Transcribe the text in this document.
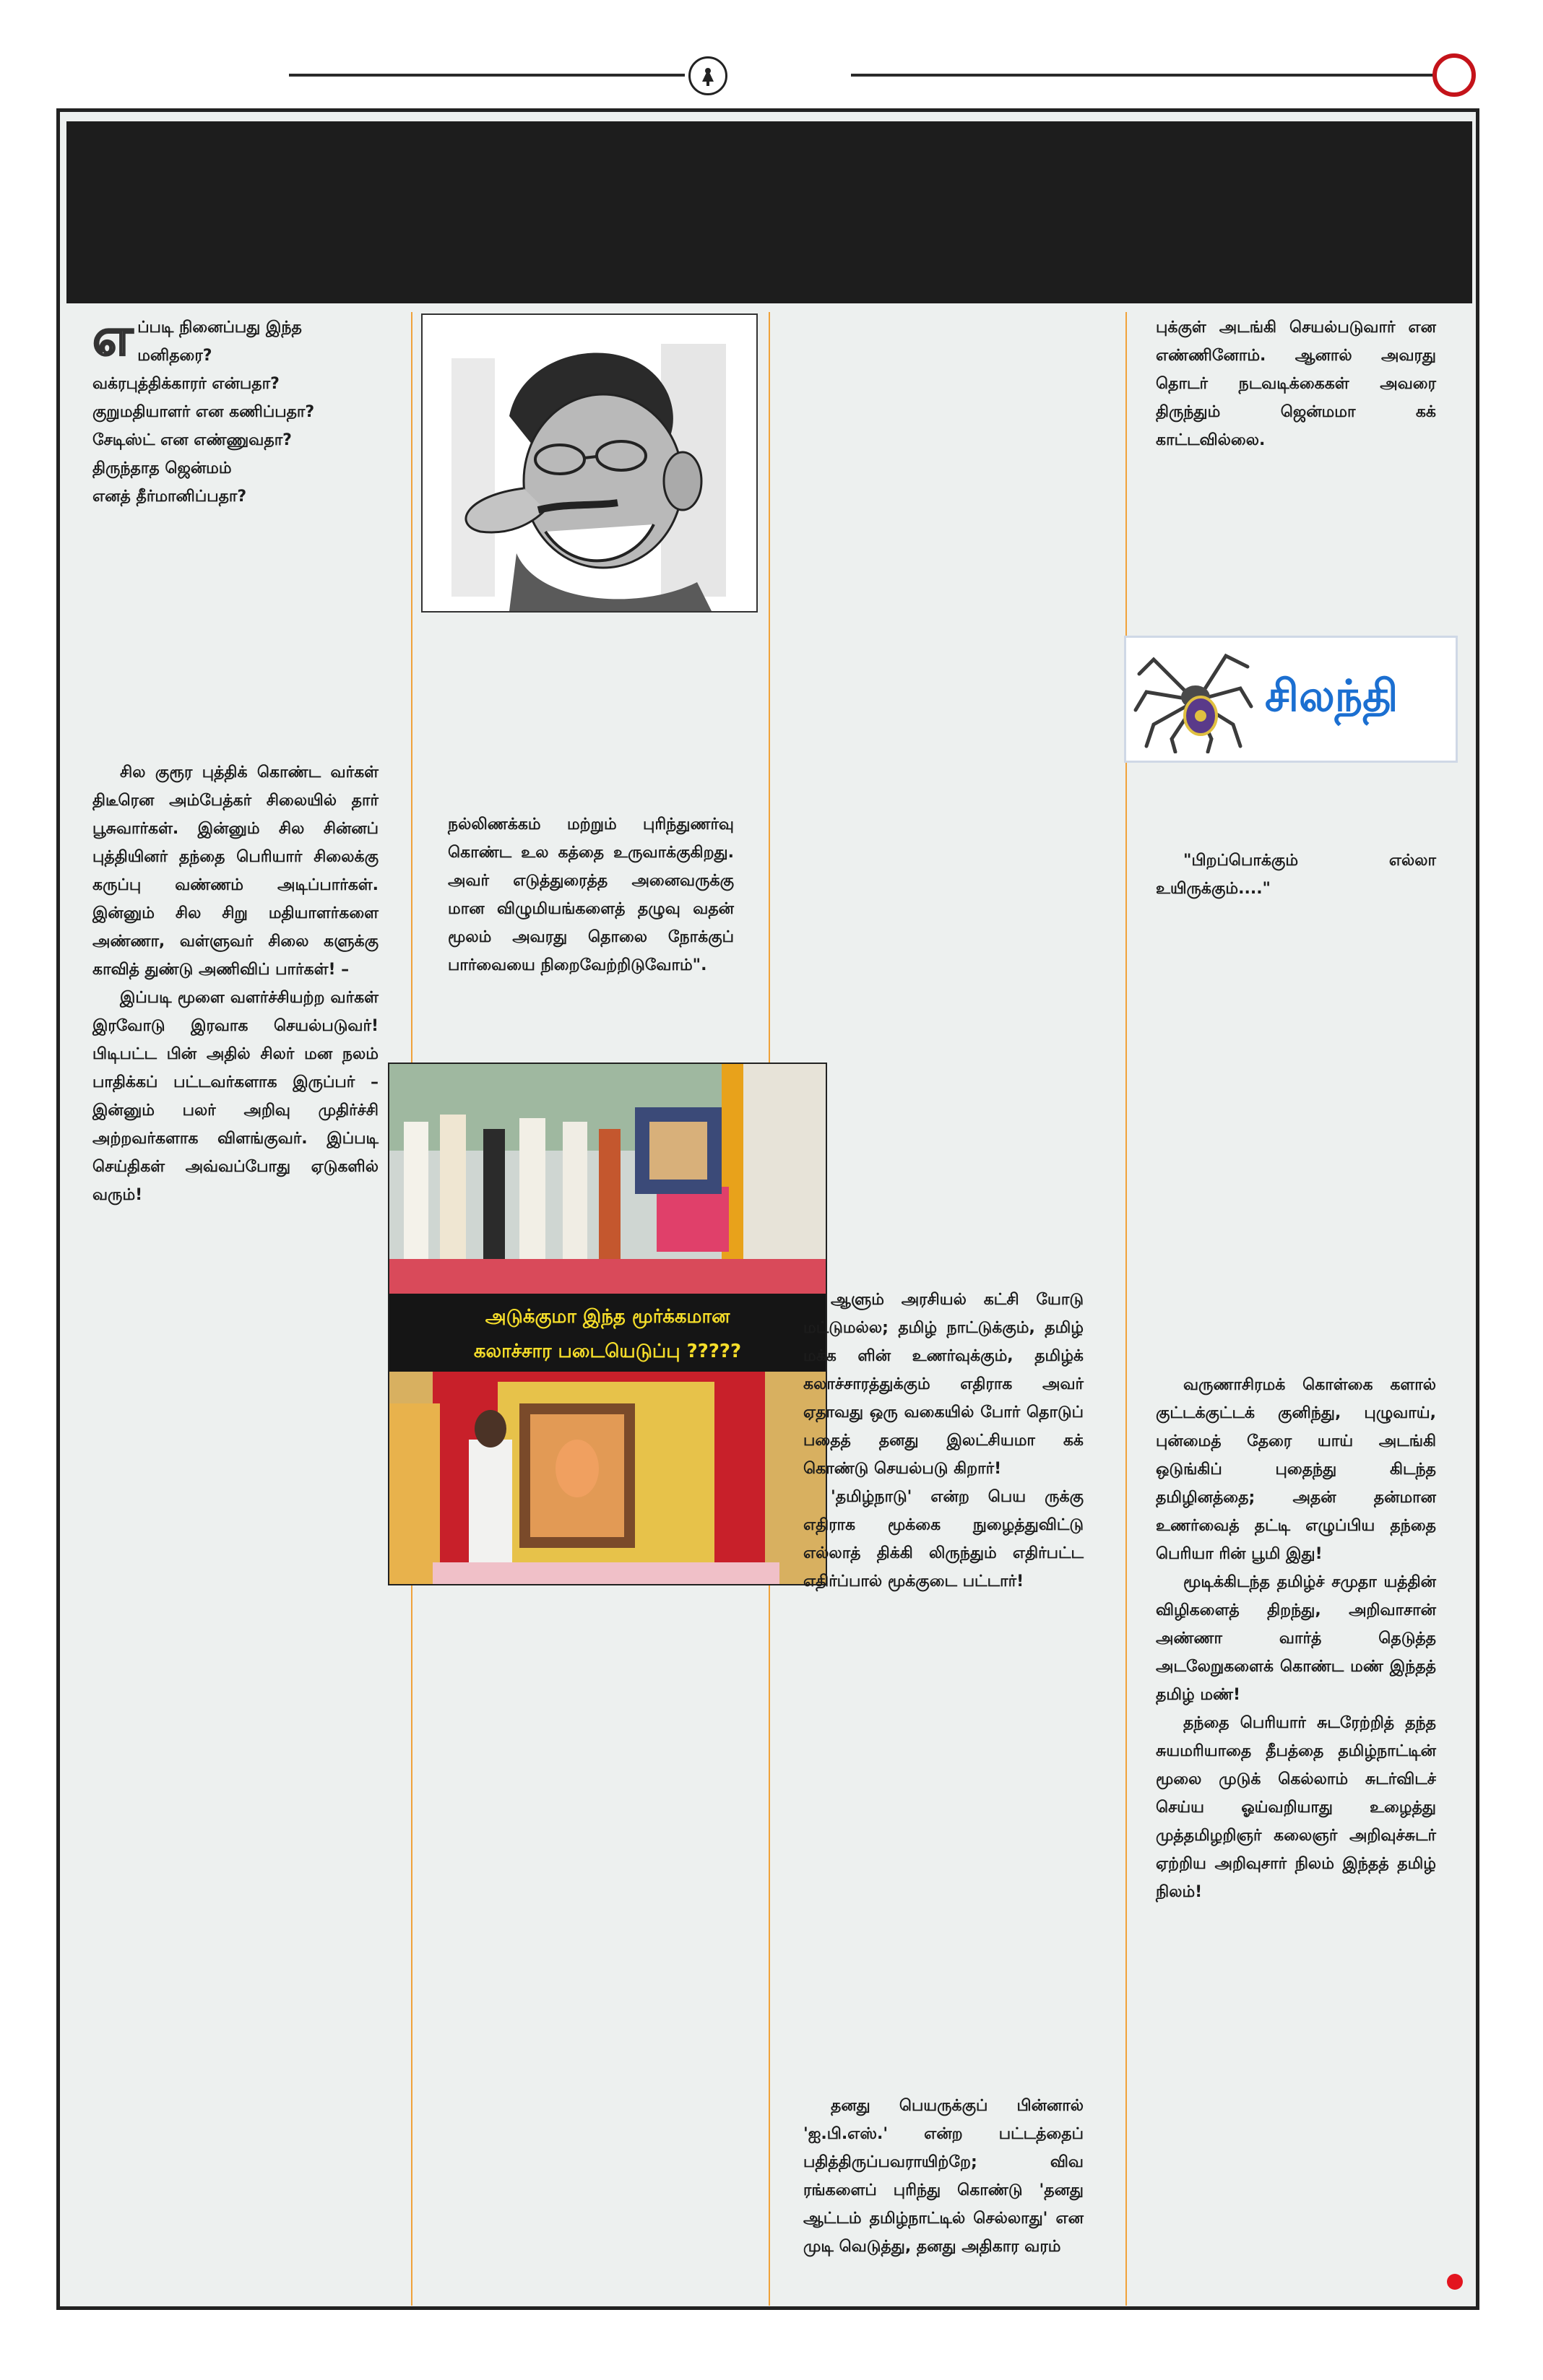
எ ப்படி நினைப்பது இந்த

மனிதரை?

வக்ரபுத்திக்காரர் என்பதா?

குறுமதியாளர் என கணிப்பதா?

சேடிஸ்ட் என எண்ணுவதா?

திருந்தாத ஜென்மம்

எனத் தீர்மானிப்பதா?

சில குரூர புத்திக் கொண்ட வர்கள் திடீரென அம்பேத்கர் சிலையில் தார் பூசுவார்கள். இன்னும் சில சின்னப் புத்தியினர் தந்தை பெரியார் சிலைக்கு கருப்பு வண்ணம் அடிப்பார்கள். இன்னும் சில சிறு மதியாளர்களை அண்ணா, வள்ளுவர் சிலை களுக்கு காவித் துண்டு அணிவிப் பார்கள்! –

இப்படி மூளை வளர்ச்சியற்ற வர்கள் இரவோடு இரவாக செயல்படுவர்! பிடிபட்ட பின் அதில் சிலர் மன நலம் பாதிக்கப் பட்டவர்களாக இருப்பர் – இன்னும் பலர் அறிவு முதிர்ச்சி அற்றவர்களாக விளங்குவர். இப்படி செய்திகள் அவ்வப்போது ஏடுகளில் வரும்!

நல்லிணக்கம் மற்றும் புரிந்துணர்வு கொண்ட உல கத்தை உருவாக்குகிறது. அவர் எடுத்துரைத்த அனைவருக்கு மான விழுமியங்களைத் தழுவு வதன் மூலம் அவரது தொலை நோக்குப் பார்வையை நிறைவேற்றிடுவோம்".

அடுக்குமா இந்த மூர்க்கமான
கலாச்சார படையெடுப்பு ?????

ஆளும் அரசியல் கட்சி யோடு மட்டுமல்ல; தமிழ் நாட்டுக்கும், தமிழ் மக்க ளின் உணர்வுக்கும், தமிழ்க் கலாச்சாரத்துக்கும் எதிராக அவர் ஏதாவது ஒரு வகையில் போர் தொடுப் பதைத் தனது இலட்சியமா கக் கொண்டு செயல்படு கிறார்!

'தமிழ்நாடு' என்ற பெய ருக்கு எதிராக மூக்கை நுழைத்துவிட்டு எல்லாத் திக்கி லிருந்தும் எதிர்பட்ட எதிர்ப்பால் மூக்குடை பட்டார்!

தனது பெயருக்குப் பின்னால் 'ஐ.பி.எஸ்.' என்ற பட்டத்தைப் பதித்திருப்பவராயிற்றே; விவ ரங்களைப் புரிந்து கொண்டு 'தனது ஆட்டம் தமிழ்நாட்டில் செல்லாது' என முடி வெடுத்து, தனது அதிகார வரம்

புக்குள் அடங்கி செயல்படுவார் என எண்ணினோம். ஆனால் அவரது தொடர் நடவடிக்கைகள் அவரை திருந்தும் ஜென்மமா கக் காட்டவில்லை.

சிலந்தி

"பிறப்பொக்கும் எல்லா உயிருக்கும்...."

வருணாசிரமக் கொள்கை களால் குட்டக்குட்டக் குனிந்து, புழுவாய், புன்மைத் தேரை யாய் அடங்கி ஒடுங்கிப் புதைந்து கிடந்த தமிழினத்தை; அதன் தன்மான உணர்வைத் தட்டி எழுப்பிய தந்தை பெரியா ரின் பூமி இது!

மூடிக்கிடந்த தமிழ்ச் சமுதா யத்தின் விழிகளைத் திறந்து, அறிவாசான் அண்ணா வார்த் தெடுத்த அடலேறுகளைக் கொண்ட மண் இந்தத் தமிழ் மண்!

தந்தை பெரியார் சுடரேற்றித் தந்த சுயமரியாதை தீபத்தை தமிழ்நாட்டின் மூலை முடுக் கெல்லாம் சுடர்விடச் செய்ய ஓய்வறியாது உழைத்து முத்தமிழறிஞர் கலைஞர் அறிவுச்சுடர் ஏற்றிய அறிவுசார் நிலம் இந்தத் தமிழ் நிலம்!
